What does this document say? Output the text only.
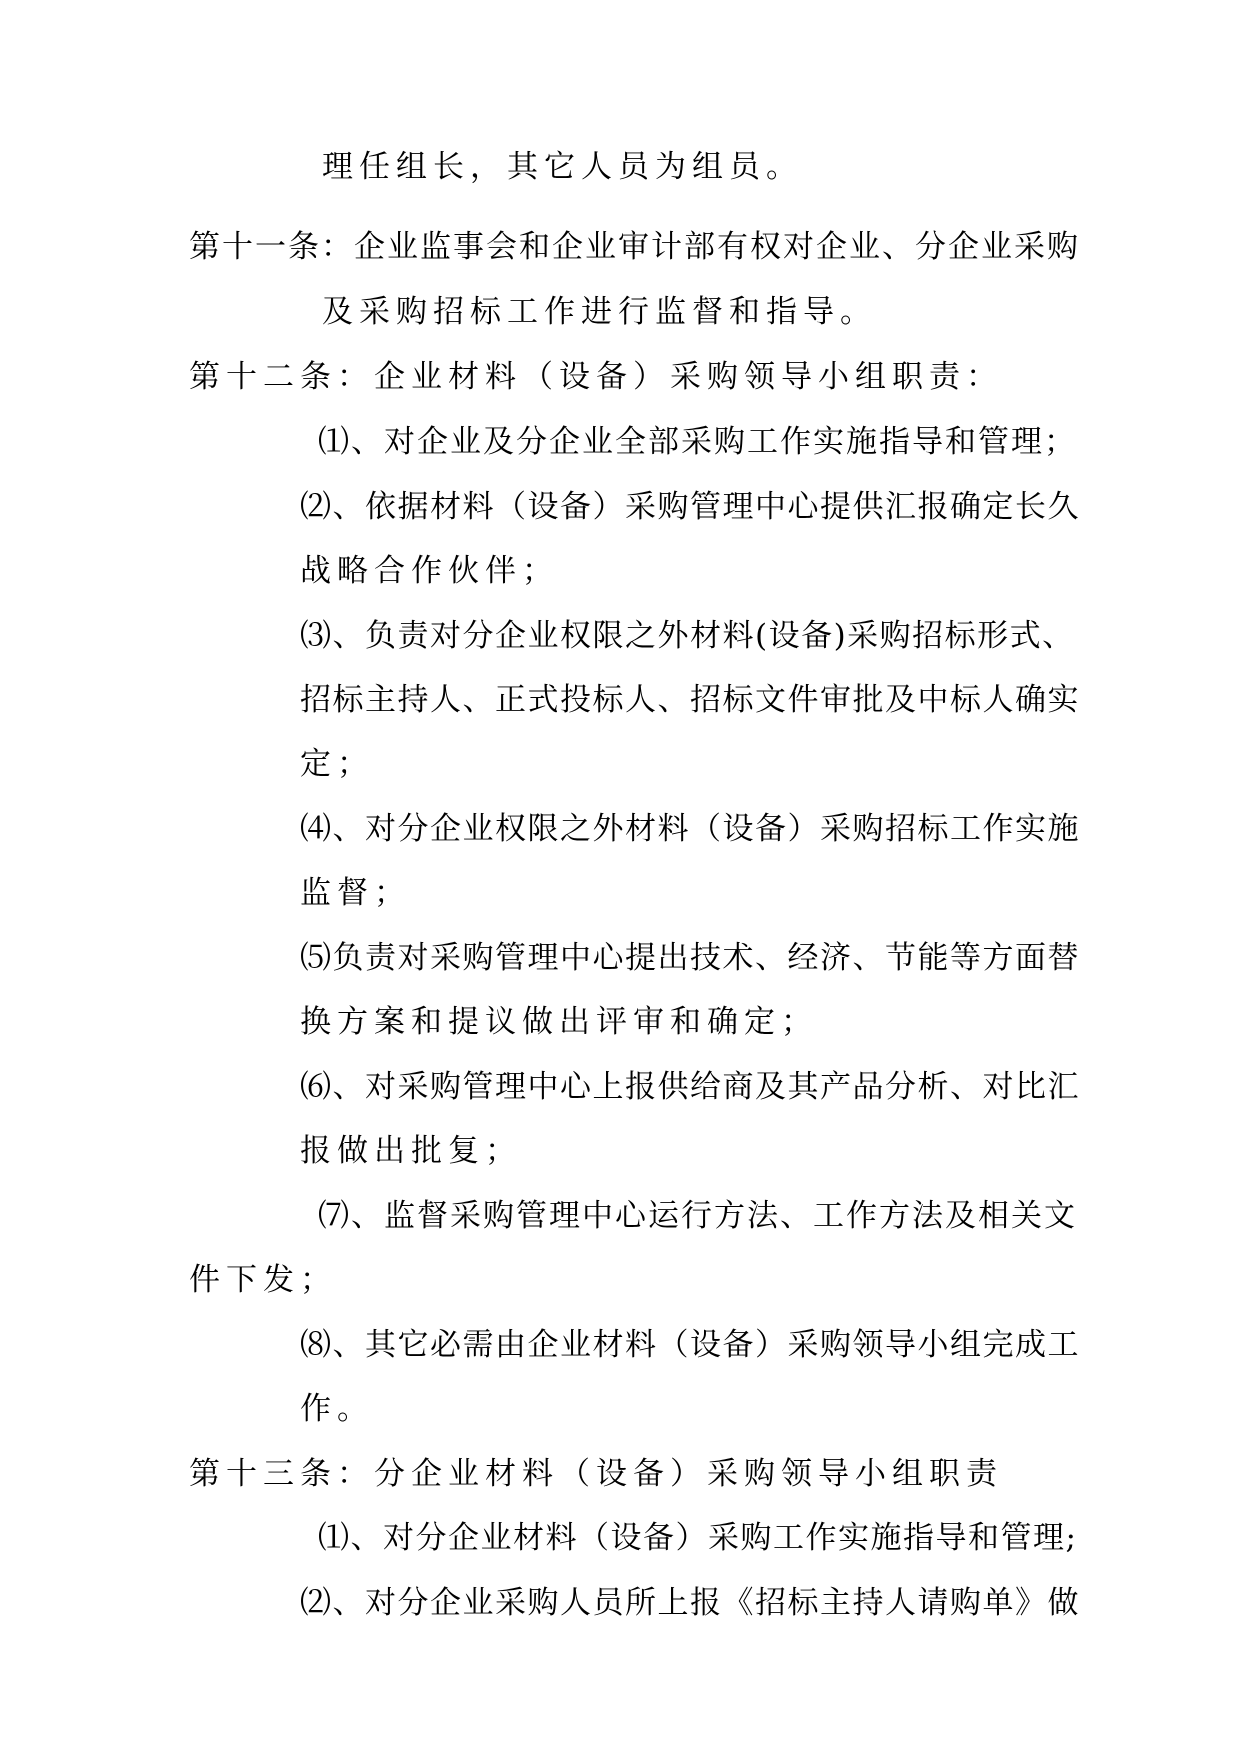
理任组长，其它人员为组员。
第十一条：企业监事会和企业审计部有权对企业、分企业采购
及采购招标工作进行监督和指导。
第十二条：企业材料（设备）采购领导小组职责：
⑴、对企业及分企业全部采购工作实施指导和管理；
⑵、依据材料（设备）采购管理中心提供汇报确定长久
战略合作伙伴；
⑶、负责对分企业权限之外材料(设备)采购招标形式、
招标主持人、正式投标人、招标文件审批及中标人确实
定；
⑷、对分企业权限之外材料（设备）采购招标工作实施
监督；
⑸负责对采购管理中心提出技术、经济、节能等方面替
换方案和提议做出评审和确定；
⑹、对采购管理中心上报供给商及其产品分析、对比汇
报做出批复；
⑺、监督采购管理中心运行方法、工作方法及相关文
件下发；
⑻、其它必需由企业材料（设备）采购领导小组完成工
作。
第十三条：分企业材料（设备）采购领导小组职责
⑴、对分企业材料（设备）采购工作实施指导和管理;
⑵、对分企业采购人员所上报《招标主持人请购单》做
